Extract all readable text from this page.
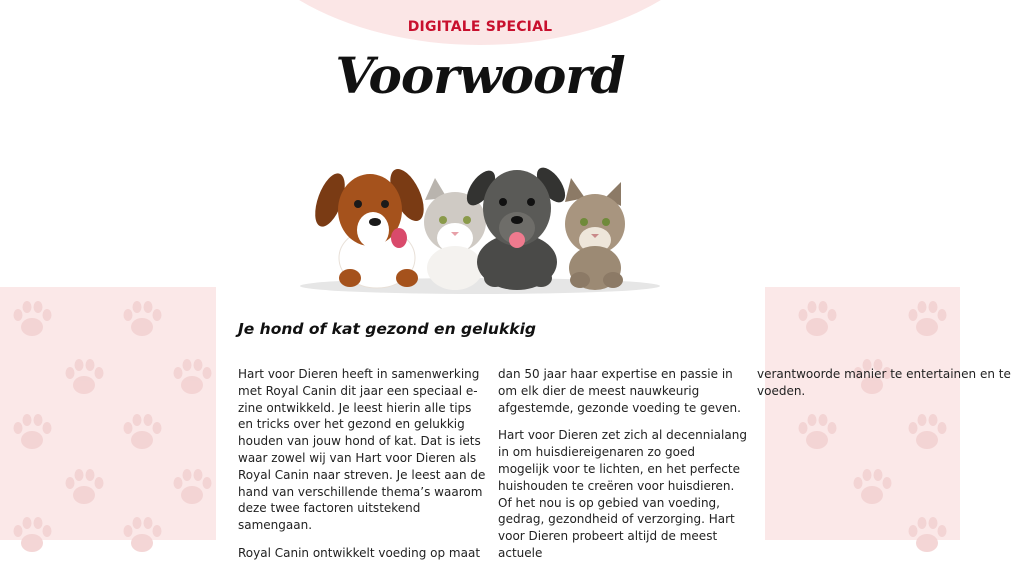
DIGITALE SPECIAL
Voorwoord
Je hond of kat gezond en gelukkig

Hart voor Dieren heeft in samenwerking met Royal Canin dit jaar een speciaal e-zine ontwikkeld. Je leest hierin alle tips en tricks over het gezond en gelukkig houden van jouw hond of kat. Dat is iets waar zowel wij van Hart voor Dieren als Royal Canin naar streven. Je leest aan de hand van verschillende thema’s waarom deze twee factoren uitstekend samengaan.

Royal Canin ontwikkelt voeding op maat

dan 50 jaar haar expertise en passie in om elk dier de meest nauwkeurig afgestemde, gezonde voeding te geven.

Hart voor Dieren zet zich al decennialang in om huisdiereigenaren zo goed mogelijk voor te lichten, en het perfecte huishouden te creëren voor huisdieren. Of het nou is op gebied van voeding, gedrag, gezondheid of verzorging. Hart voor Dieren probeert altijd de meest actuele

verantwoorde manier te entertainen en te voeden.
